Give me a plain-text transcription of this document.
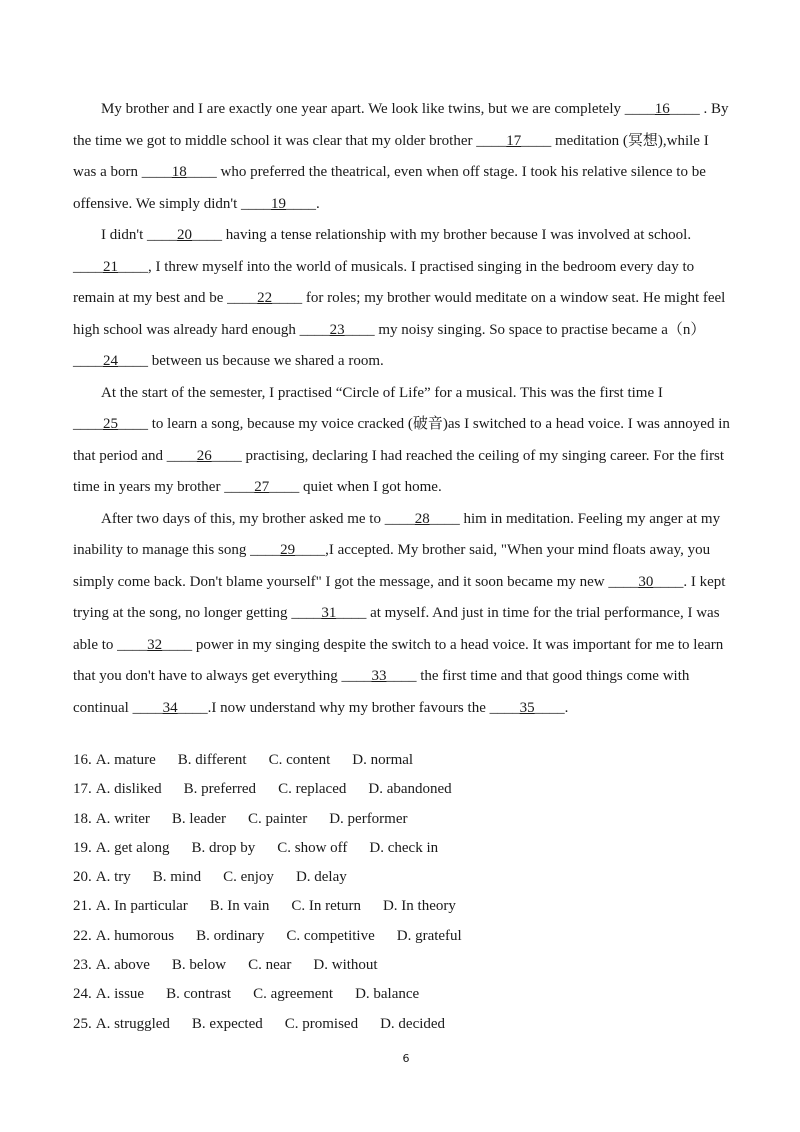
My brother and I are exactly one year apart. We look like twins, but we are completely ____16____ . By the time we got to middle school it was clear that my older brother ____17____ meditation (冥想),while I was a born ____18____ who preferred the theatrical, even when off stage. I took his relative silence to be offensive. We simply didn't ____19____.

I didn't ____20____ having a tense relationship with my brother because I was involved at school. ____21____, I threw myself into the world of musicals. I practised singing in the bedroom every day to remain at my best and be ____22____ for roles; my brother would meditate on a window seat. He might feel high school was already hard enough ____23____ my noisy singing. So space to practise became a（n） ____24____ between us because we shared a room.

At the start of the semester, I practised “Circle of Life” for a musical. This was the first time I ____25____ to learn a song, because my voice cracked (破音)as I switched to a head voice. I was annoyed in that period and ____26____ practising, declaring I had reached the ceiling of my singing career. For the first time in years my brother ____27____ quiet when I got home.

After two days of this, my brother asked me to ____28____ him in meditation. Feeling my anger at my inability to manage this song ____29____,I accepted. My brother said, "When your mind floats away, you simply come back. Don't blame yourself" I got the message, and it soon became my new ____30____. I kept trying at the song, no longer getting ____31____ at myself. And just in time for the trial performance, I was able to ____32____ power in my singing despite the switch to a head voice. It was important for me to learn that you don't have to always get everything ____33____ the first time and that good things come with continual ____34____.I now understand why my brother favours the ____35____.

16. A. mature B. different C. content D. normal
17. A. disliked B. preferred C. replaced D. abandoned
18. A. writer B. leader C. painter D. performer
19. A. get along B. drop by C. show off D. check in
20. A. try B. mind C. enjoy D. delay
21. A. In particular B. In vain C. In return D. In theory
22. A. humorous B. ordinary C. competitive D. grateful
23. A. above B. below C. near D. without
24. A. issue B. contrast C. agreement D. balance
25. A. struggled B. expected C. promised D. decided
6
